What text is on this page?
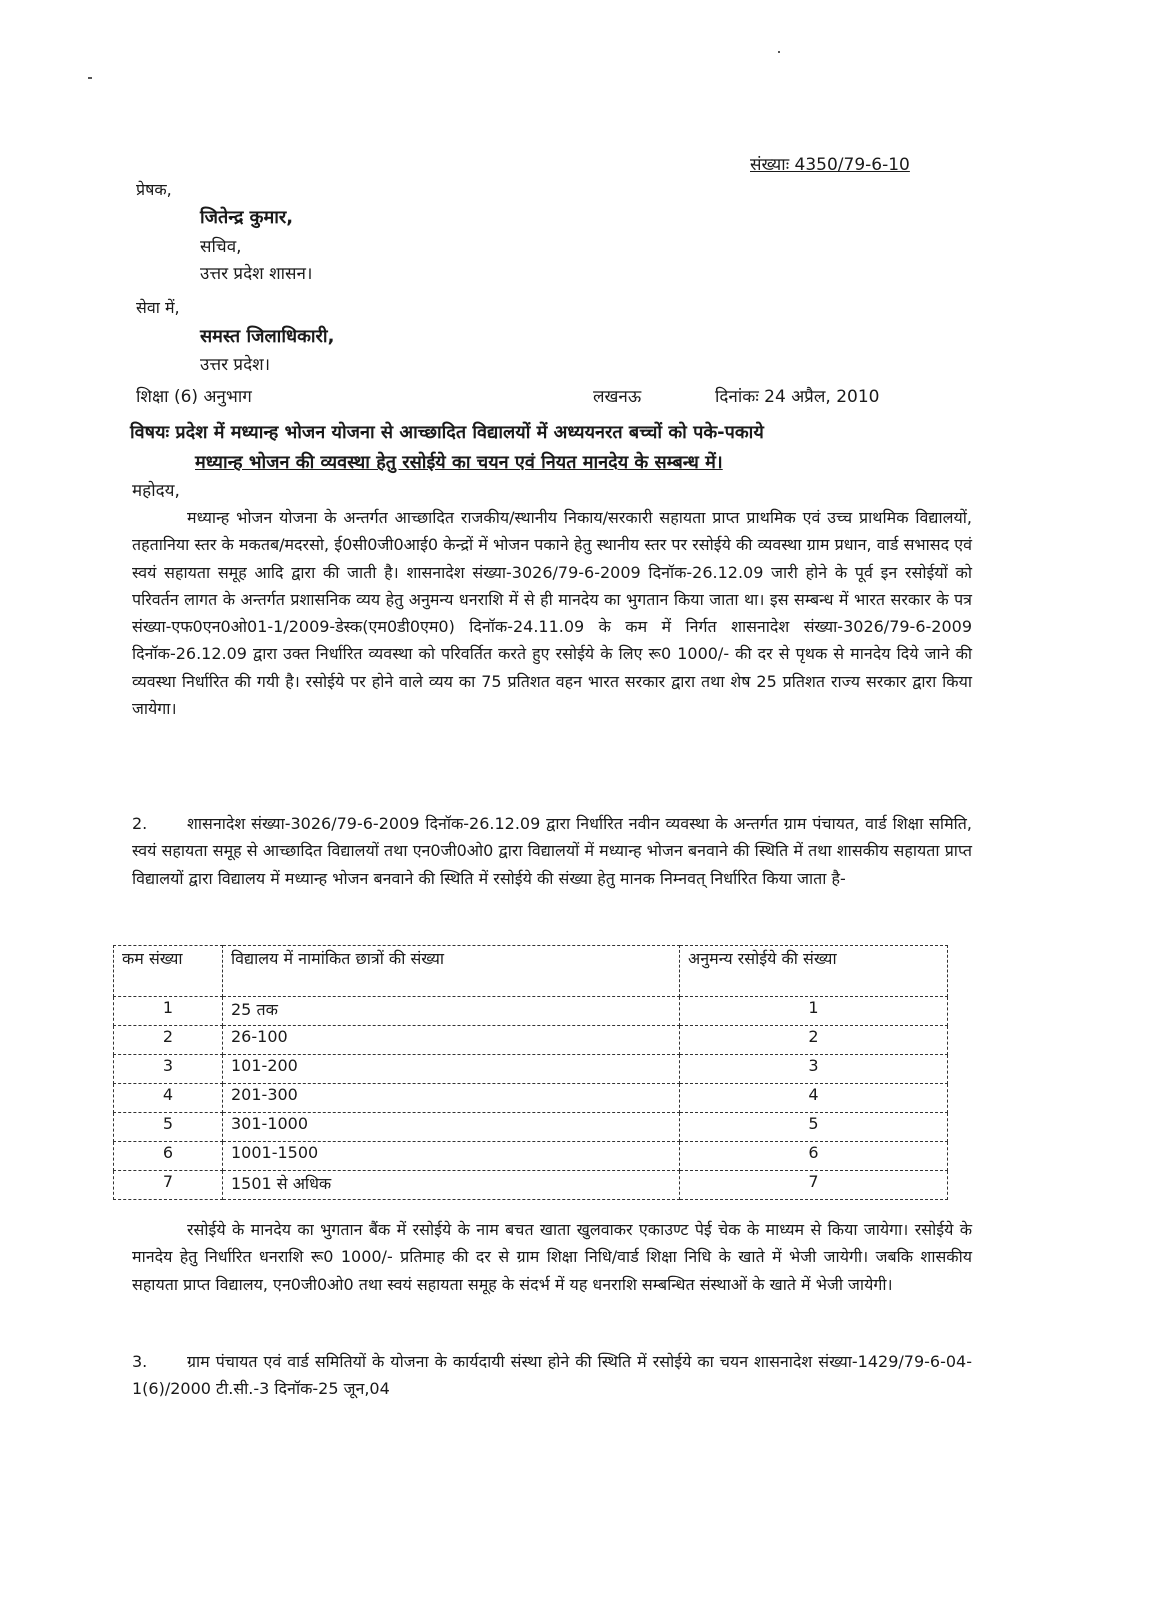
संख्याः 4350/79-6-10
प्रेषक,
जितेन्द्र कुमार,
सचिव,
उत्तर प्रदेश शासन।
सेवा में,
समस्त जिलाधिकारी,
उत्तर प्रदेश।
शिक्षा (6) अनुभाग	लखनऊ	दिनांकः 24 अप्रैल, 2010
विषयः प्रदेश में मध्यान्ह भोजन योजना से आच्छादित विद्यालयों में अध्ययनरत बच्चों को पके-पकाये
मध्यान्ह भोजन की व्यवस्था हेतु रसोईये का चयन एवं नियत मानदेय के सम्बन्ध में।
महोदय,

मध्यान्ह भोजन योजना के अन्तर्गत आच्छादित राजकीय/स्थानीय निकाय/सरकारी सहायता प्राप्त प्राथमिक एवं उच्च प्राथमिक विद्यालयों, तहतानिया स्तर के मकतब/मदरसो, ई0सी0जी0आई0 केन्द्रों में भोजन पकाने हेतु स्थानीय स्तर पर रसोईये की व्यवस्था ग्राम प्रधान, वार्ड सभासद एवं स्वयं सहायता समूह आदि द्वारा की जाती है। शासनादेश संख्या-3026/79-6-2009 दिनॉक-26.12.09 जारी होने के पूर्व इन रसोईयों को परिवर्तन लागत के अन्तर्गत प्रशासनिक व्यय हेतु अनुमन्य धनराशि में से ही मानदेय का भुगतान किया जाता था। इस सम्बन्ध में भारत सरकार के पत्र संख्या-एफ0एन0ओ01-1/2009-डेस्क(एम0डी0एम0) दिनॉक-24.11.09 के कम में निर्गत शासनादेश संख्या-3026/79-6-2009 दिनॉक-26.12.09 द्वारा उक्त निर्धारित व्यवस्था को परिवर्तित करते हुए रसोईये के लिए रू0 1000/- की दर से पृथक से मानदेय दिये जाने की व्यवस्था निर्धारित की गयी है। रसोईये पर होने वाले व्यय का 75 प्रतिशत वहन भारत सरकार द्वारा तथा शेष 25 प्रतिशत राज्य सरकार द्वारा किया जायेगा।

2. शासनादेश संख्या-3026/79-6-2009 दिनॉक-26.12.09 द्वारा निर्धारित नवीन व्यवस्था के अन्तर्गत ग्राम पंचायत, वार्ड शिक्षा समिति, स्वयं सहायता समूह से आच्छादित विद्यालयों तथा एन0जी0ओ0 द्वारा विद्यालयों में मध्यान्ह भोजन बनवाने की स्थिति में तथा शासकीय सहायता प्राप्त विद्यालयों द्वारा विद्यालय में मध्यान्ह भोजन बनवाने की स्थिति में रसोईये की संख्या हेतु मानक निम्नवत् निर्धारित किया जाता है-

कम संख्या	विद्यालय में नामांकित छात्रों की संख्या	अनुमन्य रसोईये की संख्या
1	25 तक	1
2	26-100	2
3	101-200	3
4	201-300	4
5	301-1000	5
6	1001-1500	6
7	1501 से अधिक	7

रसोईये के मानदेय का भुगतान बैंक में रसोईये के नाम बचत खाता खुलवाकर एकाउण्ट पेई चेक के माध्यम से किया जायेगा। रसोईये के मानदेय हेतु निर्धारित धनराशि रू0 1000/- प्रतिमाह की दर से ग्राम शिक्षा निधि/वार्ड शिक्षा निधि के खाते में भेजी जायेगी। जबकि शासकीय सहायता प्राप्त विद्यालय, एन0जी0ओ0 तथा स्वयं सहायता समूह के संदर्भ में यह धनराशि सम्बन्धित संस्थाओं के खाते में भेजी जायेगी।

3. ग्राम पंचायत एवं वार्ड समितियों के योजना के कार्यदायी संस्था होने की स्थिति में रसोईये का चयन शासनादेश संख्या-1429/79-6-04-1(6)/2000 टी.सी.-3 दिनॉक-25 जून,04
